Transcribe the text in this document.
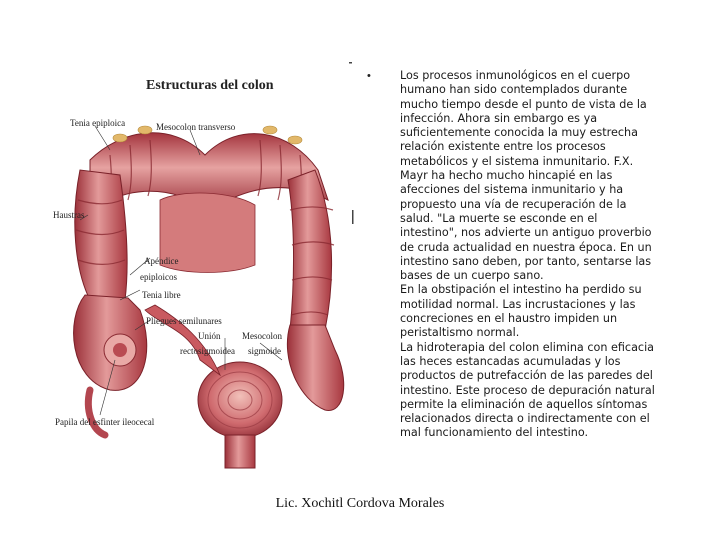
Estructuras del colon
Tenia epiploica	Mesocolon transverso
Haustras
Apéndice
epiploicos
Tenia libre
Pliegues semilunares
Unión
rectosigmoidea
Mesocolon
sigmoide
Papila del esfinter ileocecal
•	Los procesos inmunológicos en el cuerpo humano han sido contemplados durante mucho tiempo desde el punto de vista de la infección. Ahora sin embargo es ya suficientemente conocida la muy estrecha relación existente entre los procesos metabólicos y el sistema inmunitario. F.X. Mayr ha hecho mucho hincapié en las afecciones del sistema inmunitario y ha propuesto una vía de recuperación de la salud. "La muerte se esconde en el intestino", nos advierte un antiguo proverbio de cruda actualidad en nuestra época. En un intestino sano deben, por tanto, sentarse las bases de un cuerpo sano.

En la obstipación el intestino ha perdido su motilidad normal. Las incrustaciones y las concreciones en el haustro impiden un peristaltismo normal.

La hidroterapia del colon elimina con eficacia las heces estancadas acumuladas y los productos de putrefacción de las paredes del intestino. Este proceso de depuración natural permite la eliminación de aquellos síntomas relacionados directa o indirectamente con el mal funcionamiento del intestino.

Lic. Xochitl Cordova Morales
